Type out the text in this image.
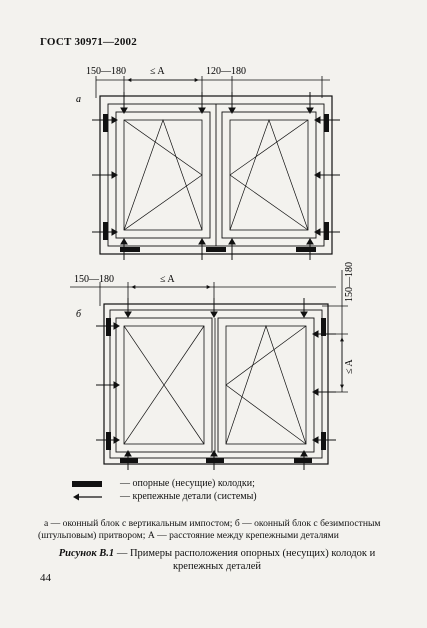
ГОСТ 30971—2002
а
150—180 ≤ A	120—180
б
150—180	≤ A	150—180
≤ A
— опорные (несущие) колодки;
— крепежные детали (системы)
а — оконный блок с вертикальным импостом; б — оконный блок с безимпостным (штульповым) притвором; А — расстояние между крепежными деталями
Рисунок В.1 — Примеры расположения опорных (несущих) колодок и крепежных деталей
44
